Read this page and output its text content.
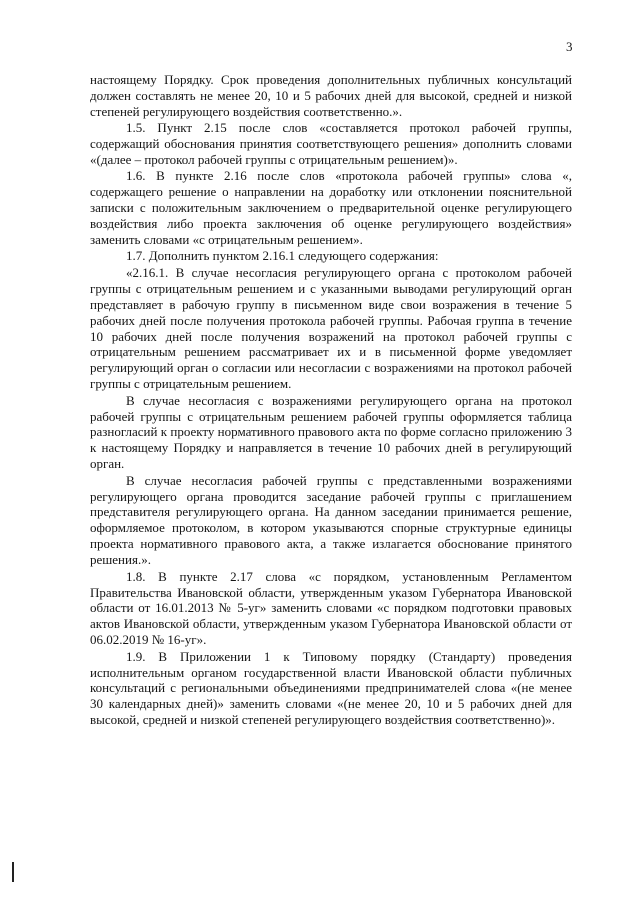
3

настоящему Порядку. Срок проведения дополнительных публичных консультаций должен составлять не менее 20, 10 и 5 рабочих дней для высокой, средней и низкой степеней регулирующего воздействия соответственно.».

1.5. Пункт 2.15 после слов «составляется протокол рабочей группы, содержащий обоснования принятия соответствующего решения» дополнить словами «(далее – протокол рабочей группы с отрицательным решением)».

1.6. В пункте 2.16 после слов «протокола рабочей группы» слова «, содержащего решение о направлении на доработку или отклонении пояснительной записки с положительным заключением о предварительной оценке регулирующего воздействия либо проекта заключения об оценке регулирующего воздействия» заменить словами «с отрицательным решением».

1.7. Дополнить пунктом 2.16.1 следующего содержания:

«2.16.1. В случае несогласия регулирующего органа с протоколом рабочей группы с отрицательным решением и с указанными выводами регулирующий орган представляет в рабочую группу в письменном виде свои возражения в течение 5 рабочих дней после получения протокола рабочей группы. Рабочая группа в течение 10 рабочих дней после получения возражений на протокол рабочей группы с отрицательным решением рассматривает их и в письменной форме уведомляет регулирующий орган о согласии или несогласии с возражениями на протокол рабочей группы с отрицательным решением.

В случае несогласия с возражениями регулирующего органа на протокол рабочей группы с отрицательным решением рабочей группы оформляется таблица разногласий к проекту нормативного правового акта по форме согласно приложению 3 к настоящему Порядку и направляется в течение 10 рабочих дней в регулирующий орган.

В случае несогласия рабочей группы с представленными возражениями регулирующего органа проводится заседание рабочей группы с приглашением представителя регулирующего органа. На данном заседании принимается решение, оформляемое протоколом, в котором указываются спорные структурные единицы проекта нормативного правового акта, а также излагается обоснование принятого решения.».

1.8. В пункте 2.17 слова «с порядком, установленным Регламентом Правительства Ивановской области, утвержденным указом Губернатора Ивановской области от 16.01.2013 № 5-уг» заменить словами «с порядком подготовки правовых актов Ивановской области, утвержденным указом Губернатора Ивановской области от 06.02.2019 № 16-уг».

1.9. В Приложении 1 к Типовому порядку (Стандарту) проведения исполнительным органом государственной власти Ивановской области публичных консультаций с региональными объединениями предпринимателей слова «(не менее 30 календарных дней)» заменить словами «(не менее 20, 10 и 5 рабочих дней для высокой, средней и низкой степеней регулирующего воздействия соответственно)».
